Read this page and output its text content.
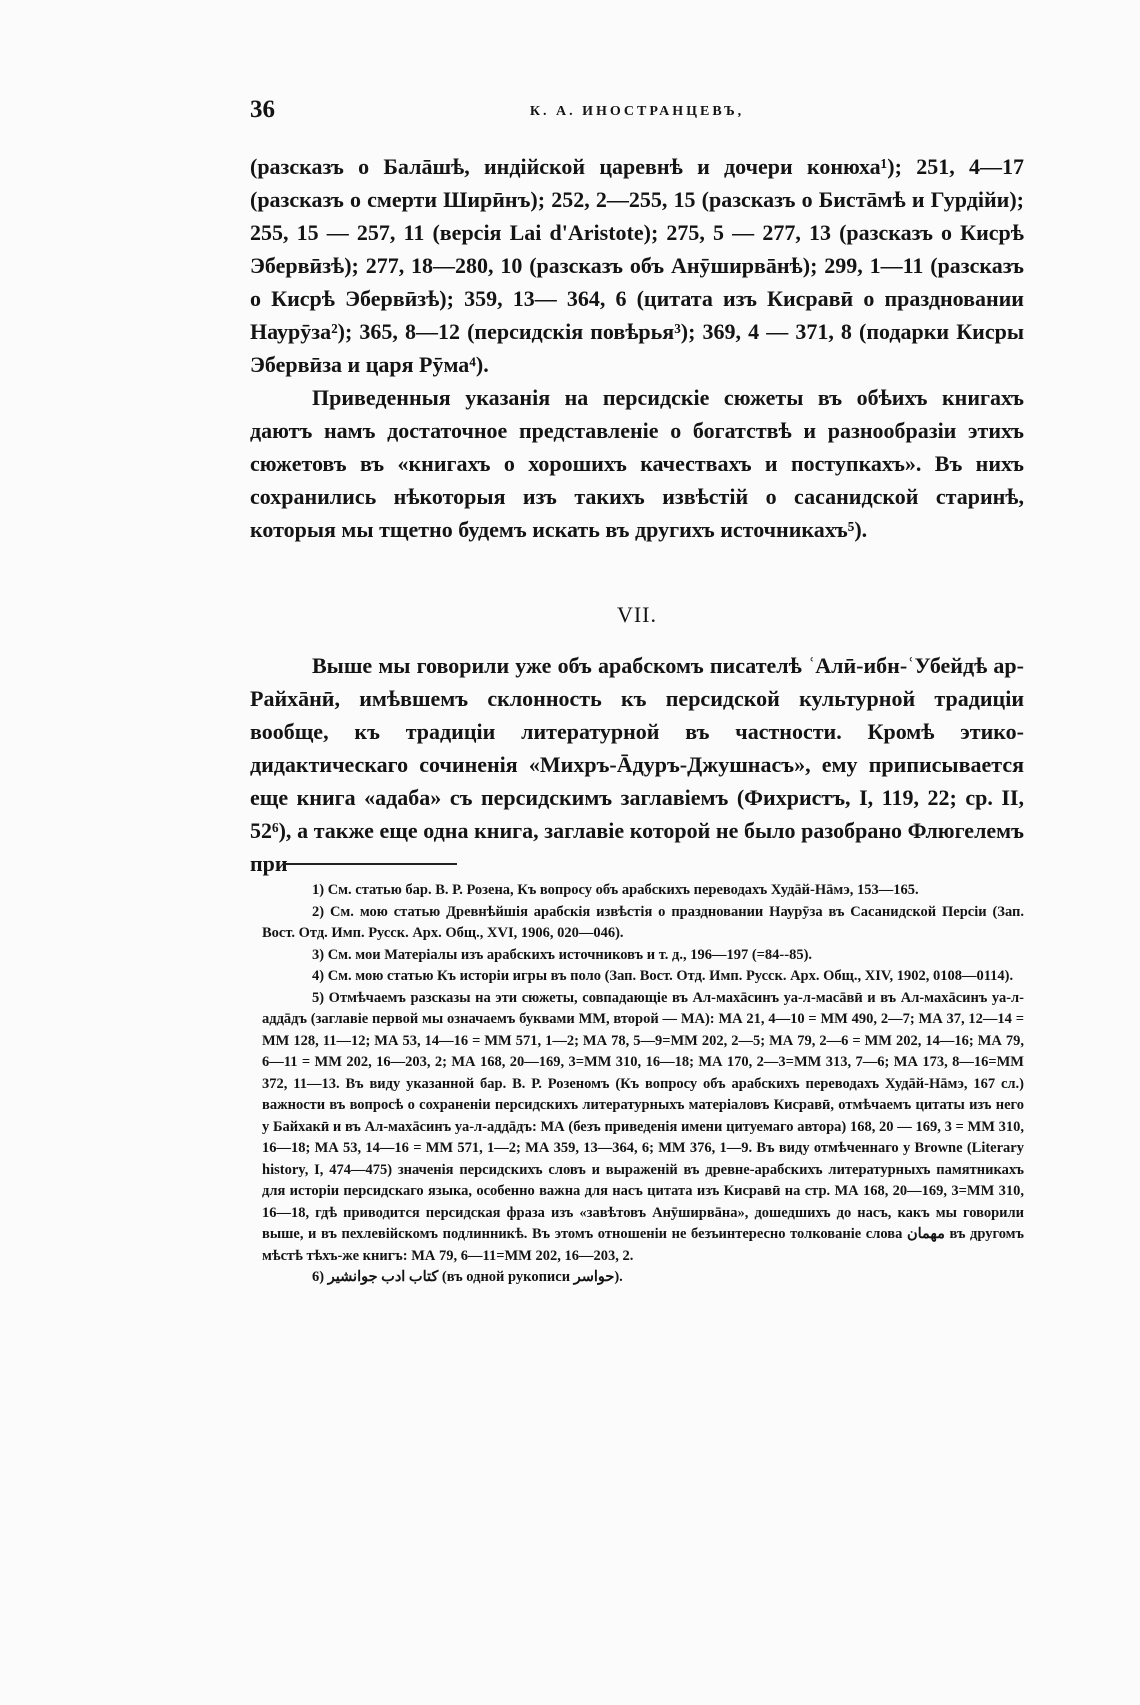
36	К. А. ИНОСТРАНЦЕВЪ,

(разсказъ о Балāшѣ, индійской царевнѣ и дочери конюха¹); 251, 4—17 (разсказъ о смерти Ширӣнъ); 252, 2—255, 15 (разсказъ о Бистāмѣ и Гурдійи); 255, 15 — 257, 11 (версія Lai d'Aristote); 275, 5 — 277, 13 (разсказъ о Кисрѣ Эбервӣзѣ); 277, 18—280, 10 (разсказъ объ Анӯширвāнѣ); 299, 1—11 (разсказъ о Кисрѣ Эбервӣзѣ); 359, 13— 364, 6 (цитата изъ Кисравӣ о праздновании Наурӯза²); 365, 8—12 (персидскія повѣрья³); 369, 4 — 371, 8 (подарки Кисры Эбервӣза и царя Рӯма⁴).

Приведенныя указанія на персидскіе сюжеты въ обѣихъ книгахъ даютъ намъ достаточное представленіе о богатствѣ и разнообразіи этихъ сюжетовъ въ «книгахъ о хорошихъ качествахъ и поступкахъ». Въ нихъ сохранились нѣкоторыя изъ такихъ извѣстій о сасанидской старинѣ, которыя мы тщетно будемъ искать въ другихъ источникахъ⁵).

VII.

Выше мы говорили уже объ арабскомъ писателѣ ʿАлӣ-ибн-ʿУбейдѣ ар-Райхāнӣ, имѣвшемъ склонность къ персидской культурной традиціи вообще, къ традиціи литературной въ частности. Кромѣ этико-дидактическаго сочиненія «Михръ-Āдуръ-Джушнасъ», ему приписывается еще книга «адаба» съ персидскимъ заглавіемъ (Фихристъ, I, 119, 22; ср. II, 52⁶), а также еще одна книга, заглавіе которой не было разобрано Флюгелемъ при

1) См. статью бар. В. Р. Розена, Къ вопросу объ арабскихъ переводахъ Худāй-Нāмэ, 153—165.

2) См. мою статью Древнѣйшія арабскія извѣстія о праздновании Наурӯза въ Сасанидской Персіи (Зап. Вост. Отд. Имп. Русск. Арх. Общ., XVI, 1906, 020—046).

3) См. мои Матеріалы изъ арабскихъ источниковъ и т. д., 196—197 (=84--85).

4) См. мою статью Къ исторіи игры въ поло (Зап. Вост. Отд. Имп. Русск. Арх. Общ., XIV, 1902, 0108—0114).

5) Отмѣчаемъ разсказы на эти сюжеты, совпадающіе въ Ал-махāсинъ уа-л-масāвӣ и въ Ал-махāсинъ уа-л-аддāдъ (заглавіе первой мы означаемъ буквами ММ, второй — МА): МА 21, 4—10 = ММ 490, 2—7; МА 37, 12—14 = ММ 128, 11—12; МА 53, 14—16 = ММ 571, 1—2; МА 78, 5—9=ММ 202, 2—5; МА 79, 2—6 = ММ 202, 14—16; МА 79, 6—11 = ММ 202, 16—203, 2; МА 168, 20—169, 3=ММ 310, 16—18; МА 170, 2—3=ММ 313, 7—6; МА 173, 8—16=ММ 372, 11—13. Въ виду указанной бар. В. Р. Розеномъ (Къ вопросу объ арабскихъ переводахъ Худāй-Нāмэ, 167 сл.) важности въ вопросѣ о сохраненіи персидскихъ литературныхъ матеріаловъ Кисравӣ, отмѣчаемъ цитаты изъ него у Байхакӣ и въ Ал-махāсинъ уа-л-аддāдъ: МА (безъ приведенія имени цитуемаго автора) 168, 20 — 169, 3 = ММ 310, 16—18; МА 53, 14—16 = ММ 571, 1—2; МА 359, 13—364, 6; ММ 376, 1—9. Въ виду отмѣченнаго у Browne (Literary history, I, 474—475) значенія персидскихъ словъ и выраженій въ древне-арабскихъ литературныхъ памятникахъ для исторіи персидскаго языка, особенно важна для насъ цитата изъ Кисравӣ на стр. МА 168, 20—169, 3=ММ 310, 16—18, гдѣ приводится персидская фраза изъ «завѣтовъ Анӯширвāна», дошедшихъ до насъ, какъ мы говорили выше, и въ пехлевійскомъ подлинникѣ. Въ этомъ отношеніи не безъинтересно толкованіе слова مهمان въ другомъ мѣстѣ тѣхъ-же книгъ: МА 79, 6—11=ММ 202, 16—203, 2.

6) كتاب ادب جوانشير (въ одной рукописи حواسر).
